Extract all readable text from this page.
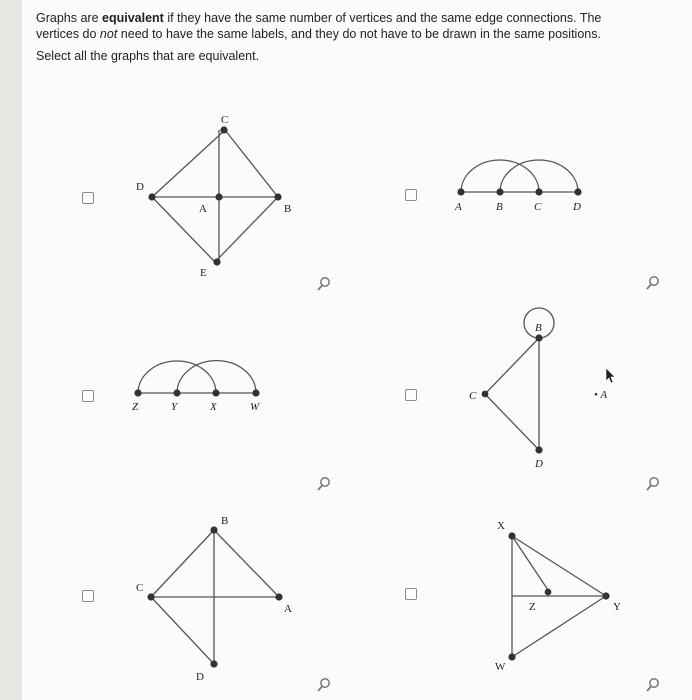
Graphs are equivalent if they have the same number of vertices and the same edge connections. The

vertices do not need to have the same labels, and they do not have to be drawn in the same positions.

Select all the graphs that are equivalent.

C
D
A	B
E
A	B	C	D
Z	Y	X	W
B
C
D
• A
B
C
A
D
X
Z	Y
W
